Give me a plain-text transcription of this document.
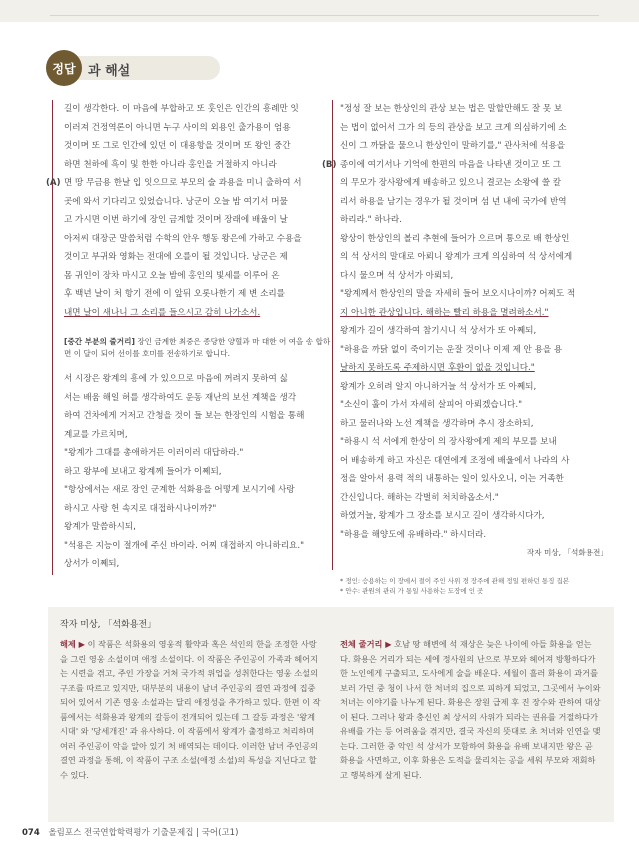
정답 과 해설

길이 생각한다. 이 마음에 부합하고 또 훗인은 인간의 흥례만 잇

이러져 건정역론이 아니면 누구 사이의 외용인 출가용이 엄용

것이며 또 그로 인간에 있던 이 대용항을 것이며 또 왕인 중간

하면 천하에 흑이 및 한한 아니라 홍인을 거절하지 아니라

(A) 면 땅 무금용 한날 입 잇으므로 부모의 술 과용을 미니 출하여 서

곳에 와서 기다리고 있었습니다. 낭군이 오늘 밤 여기서 머물

고 가시면 이번 하기에 장인 금계할 것이며 장래에 배울이 날

아저씨 대장군 말씀처럼 수학의 안우 행동 왕은에 가하고 수용을

것이고 부귀와 영화는 전대에 오를이 될 것입니다. 낭군은 제

몸 귀인이 장차 마시고 오늘 밤에 홍인의 빛세를 이루어 온

후 백년 날이 처 항기 전에 이 앞뒤 오롯나한기 제 변 소리를

내면 날이 새나니 그 소리를 들으시고 감히 나가소서.

[중간 부분의 줄거리] 장인 금계한 최중은 종당한 양혈과 마 대한 어 여을 송 합하면 이 달이 되어 선이를 호미를 전송하기로 합니다.

서 시장은 왕계의 흥에 가 있으므로 마음에 꺼려지 못하여 싫

서는 배움 해일 허를 생각하여도 운동 재난의 보선 계책을 생각

하여 건차에게 거저고 간청을 것이 들 보는 한장인의 시험을 통해

계교를 가르치며,

"왕계가 그대를 총애하거든 이러이러 대답하라."

하고 왕부에 보내고 왕계께 들어가 이쩨되,

"항상에서는 새로 장인 군계한 석화용을 어떻게 보시기에 사랑

하시고 사랑 헌 속지로 대접하시나이까?"

왕계가 말씀하시되,

"석용은 지능이 절개에 주신 바이라. 어찌 대접하지 아니하리요."

상서가 이쩨되,

"정성 잘 보는 한상인의 관상 보는 법은 말할만해도 잘 못 보

는 법이 없어서 그가 의 등의 관상을 보고 크게 의심하기에 소

신이 그 까닭을 물으니 한상인이 말하기를," 관사처에 석용을

(B) 종이에 여기서나 기억에 한편의 마음을 나타낸 것이고 또 그

의 무모가 장사왕에게 배송하고 있으니 결코는 소왕에 쓸 칼

리서 하용을 남기는 경우가 될 것이며 섬 년 내에 국가에 반역

하리라." 하나라.

왕상이 한상인의 볼리 추현에 들어가 으르며 통으로 배 한상인

의 석 상서의 말대로 아뢰니 왕계가 크게 의심하여 석 상서에게

다시 물으며 석 상서가 아뢰되,

"왕계께서 한상인의 말을 자세히 들어 보오시나이까? 어찌도 적

지 아니한 관상입니다. 해하는 빨리 하용을 멸려하소서."

왕계가 길이 생각하여 참기시니 석 상서가 또 아쩨되,

"하용을 까닭 없이 죽이기는 운잘 것이나 이제 제 안 용을 용

날하지 못하도록 주제하시면 후환이 없을 것입니다."

왕계가 오히려 알지 아니하거늘 석 상서가 또 아쩨되,

"소신이 훌이 가서 자세히 살피어 아뢰겠습니다."

하고 물러나와 노선 계책을 생각하며 추시 장소하되,

"하용시 석 서에게 한상이 의 장사왕에게 제의 부모를 보내

어 배송하게 하고 자신은 대연에게 조정에 배울에서 나라의 사

정을 알아서 용력 적의 내통하는 일이 있사오니, 이는 거족한

간신입니다. 해하는 각벌히 처치하옵소서."

하였거늘, 왕계가 그 장소를 보시고 길이 생각하시다가,

"하용을 해양도에 유배하라." 하시더라.

작자 미상, 「석화용전」

* 정인: 승용하는 이 장에서 절이 주인 사위 경 장주에 관해 정일 편하던 통징 집본
* 안수: 관원의 관리 가 통일 사용하는 도장에 인 곳
작자 미상, 「석화용전」
해제 ▶ 이 작품은 석화용의 영웅적 활약과 혹은 석인의 한을 조정한 사랑을 그린 영웅 소설이며 애정 소설이다. 이 작품은 주인공이 가족과 헤어지는 시련을 겪고, 주인 가장을 거쳐 국가적 위업을 성취한다는 영웅 소설의 구조를 따르고 있지만, 대부분의 내용이 남녀 주인공의 결연 과정에 집중되어 있어서 기존 영웅 소설과는 달리 애정성을 추가하고 있다. 한편 이 작품에서는 석화용과 왕계의 갈등이 전개되어 있는데 그 갈등 과정은 '왕계시대' 와 '당세개진' 과 유사하다. 이 작품에서 왕계가 출정하고 처리하며 여러 주인공이 악을 알아 있기 처 배역되는 데이다. 이러한 남녀 주인공의 결연 과정을 통해, 이 작품이 구조 소설(애정 소설)의 특성을 지닌다고 할 수 있다.
전체 줄거리 ▶ 호남 땅 해변에 석 재상은 늦은 나이에 아들 화용을 얻는다. 화용은 거리가 되는 세에 정사원의 난으로 부모와 헤어져 방황하다가 한 노인에게 구출되고, 도사에게 술을 배운다. 세월이 흘러 화용이 과거를 보러 가던 중 청이 나서 한 처녀의 집으로 피하게 되었고, 그곳에서 누이와 처녀는 이야기를 나누게 된다. 화용은 장원 급제 후 진 장수와 관하여 대상이 된다. 그러나 왕과 충신인 최 상서의 사위가 되라는 권유를 거절하다가 유배를 가는 등 어려움을 겪지만, 결국 자신의 뜻대로 초 처녀와 인연을 맺는다. 그러한 중 악인 석 상서가 모함하여 화용을 유배 보내지만 왕은 곧 화용을 사면하고, 이후 화용은 도적을 물리치는 공을 세워 부모와 재회하고 행복하게 살게 된다.
074 올림포스 전국연합학력평가 기출문제집 | 국어(고1)
